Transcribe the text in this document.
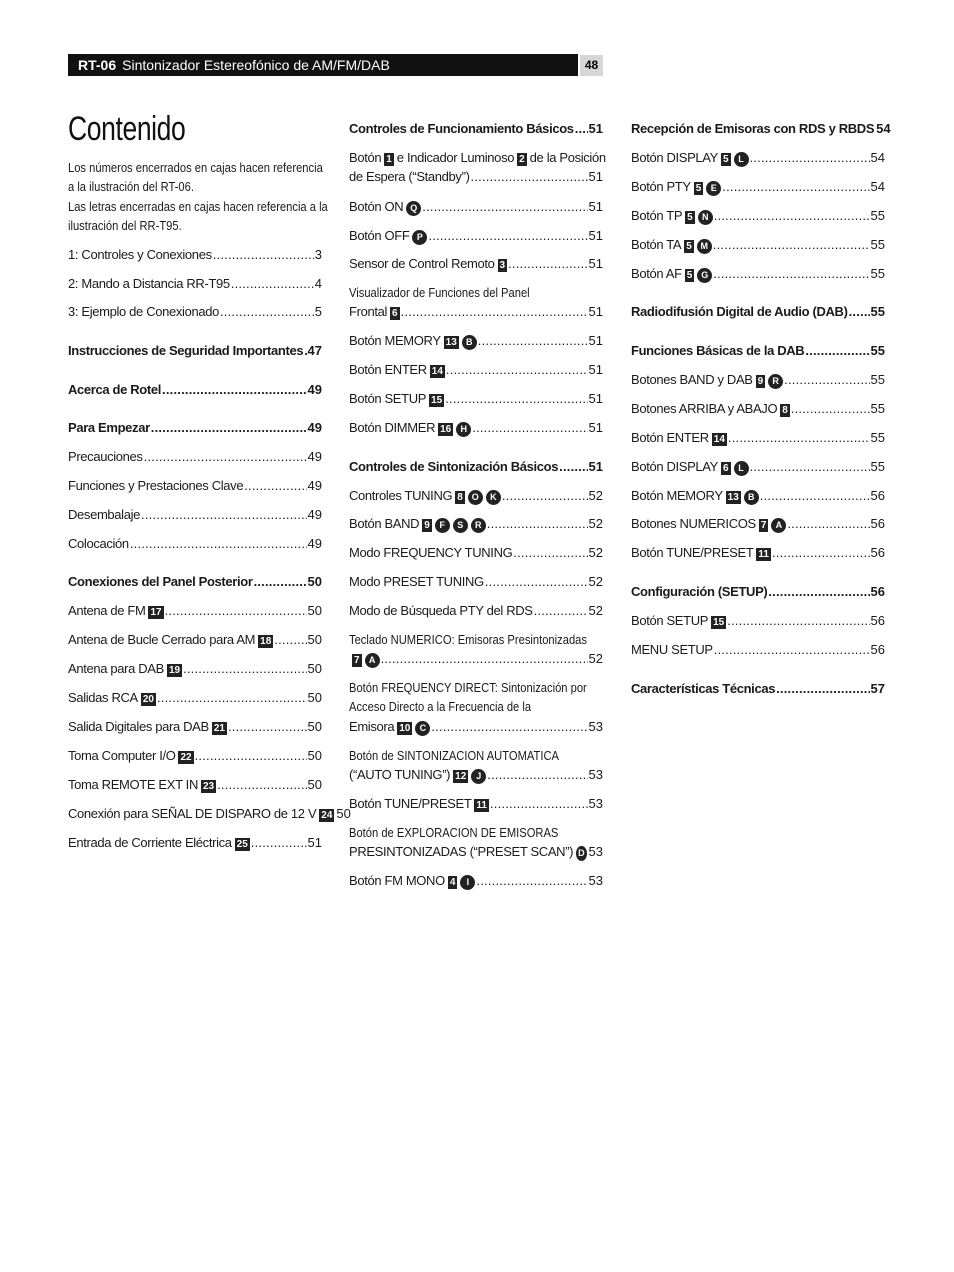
RT-06 Sintonizador Estereofónico de AM/FM/DAB	48
Contenido
Los números encerrados en cajas hacen referencia
a la ilustración del RT-06.
Las letras encerradas en cajas hacen referencia a la
ilustración del RR-T95.
1: Controles y Conexiones .....	3
2: Mando a Distancia RR-T95 .....	4
3: Ejemplo de Conexionado .....	5
Instrucciones de Seguridad Importantes ..... 47
Acerca de Rotel .....	49
Para Empezar .....	49
Precauciones .....	49
Funciones y Prestaciones Clave .....	49
Desembalaje .....	49
Colocación .....	49
Conexiones del Panel Posterior .....	50
Antena de FM 17 .....	50
Antena de Bucle Cerrado para AM 18 .....	50
Antena para DAB 19 .....	50
Salidas RCA 20 .....	50
Salida Digitales para DAB 21 .....	50
Toma Computer I/O 22 .....	50
Toma REMOTE EXT IN 23 .....	50
Conexión para SEÑAL DE DISPARO de 12 V 24 50
Entrada de Corriente Eléctrica 25 .....	51
Controles de Funcionamiento Básicos ..... 51
Botón 1 e Indicador Luminoso 2 de la Posición
de Espera (“Standby”) .....	51
Botón ON Q .....	51
Botón OFF P .....	51
Sensor de Control Remoto 3 .....	51
Visualizador de Funciones del Panel
Frontal 6 .....	51
Botón MEMORY 13	B .....	51
Botón ENTER 14 .....	51
Botón SETUP 15 .....	51
Botón DIMMER 16	H .....	51
Controles de Sintonización Básicos ..... 51
Controles TUNING 8 O	K .....	52
Botón BAND 9	F	S	R .....	52
Modo FREQUENCY TUNING .....	52
Modo PRESET TUNING .....	52
Modo de Búsqueda PTY del RDS .....	52
Teclado NUMERICO: Emisoras Presintonizadas
7	A .....	52
Botón FREQUENCY DIRECT: Sintonización por
Acceso Directo a la Frecuencia de la
Emisora 10	C .....	53
Botón de SINTONIZACION AUTOMATICA
(“AUTO TUNING”) 12	J .....	53
Botón TUNE/PRESET 11 .....	53
Botón de EXPLORACION DE EMISORAS
PRESINTONIZADAS (“PRESET SCAN”) D 53
Botón FM MONO 4	I .....	53
Recepción de Emisoras con RDS y RBDS 54
Botón DISPLAY 5	L .....	54
Botón PTY 5	E .....	54
Botón TP 5	N .....	55
Botón TA 5 M .....	55
Botón AF 5 G .....	55
Radiodifusión Digital de Audio (DAB) ..... 55
Funciones Básicas de la DAB .....	55
Botones BAND y DAB 9	R .....	55
Botones ARRIBA y ABAJO 8 .....	55
Botón ENTER 14 .....	55
Botón DISPLAY 6	L .....	55
Botón MEMORY 13	B .....	56
Botones NUMERICOS 7	A .....	56
Botón TUNE/PRESET 11 .....	56
Configuración (SETUP) .....	56
Botón SETUP 15 .....	56
MENU SETUP .....	56
Características Técnicas .....	57
